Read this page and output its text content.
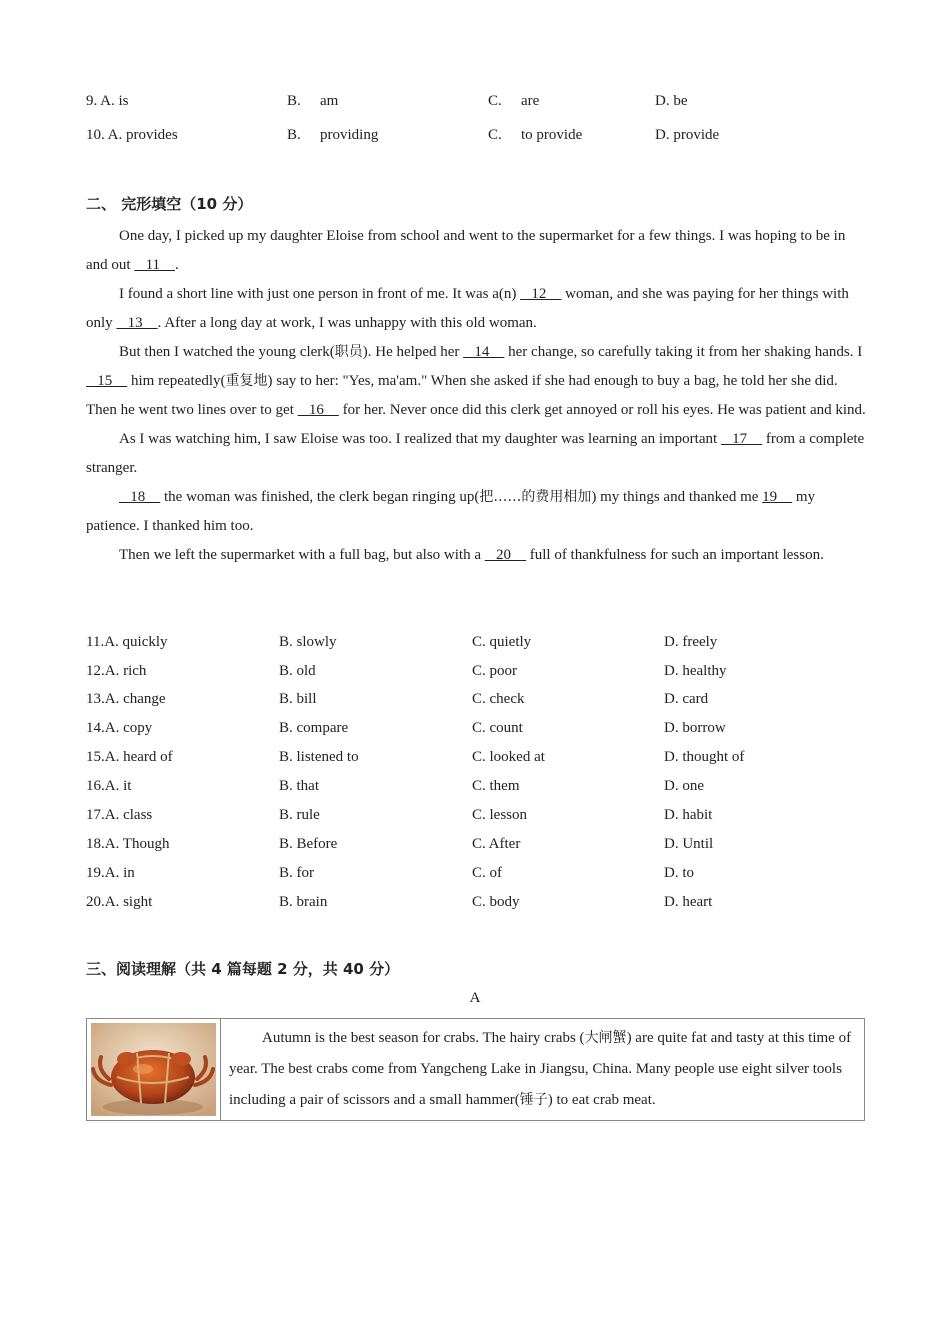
9. A. is	B. am	C. are	D. be
10. A. provides	B. providing	C. to provide	D. provide
二、 完形填空（10 分）

One day, I picked up my daughter Eloise from school and went to the supermarket for a few things. I was hoping to be in and out    11    .

I found a short line with just one person in front of me. It was a(n)    12     woman, and she was paying for her things with only    13    . After a long day at work, I was unhappy with this old woman.

But then I watched the young clerk(职员). He helped her    14     her change, so carefully taking it from her shaking hands. I    15     him repeatedly(重复地) say to her: "Yes, ma'am." When she asked if she had enough to buy a bag, he told her she did. Then he went two lines over to get    16     for her. Never once did this clerk get annoyed or roll his eyes. He was patient and kind.

As I was watching him, I saw Eloise was too. I realized that my daughter was learning an important    17     from a complete stranger.

18     the woman was finished, the clerk began ringing up(把……的费用相加) my things and thanked me 19     my patience. I thanked him too.

Then we left the supermarket with a full bag, but also with a    20     full of thankfulness for such an important lesson.

11.A. quickly	B. slowly	C. quietly	D. freely
12.A. rich	B. old	C. poor	D. healthy
13.A. change	B. bill	C. check	D. card
14.A. copy	B. compare	C. count	D. borrow
15.A. heard of	B. listened to	C. looked at	D. thought of
16.A. it	B. that	C. them	D. one
17.A. class	B. rule	C. lesson	D. habit
18.A. Though	B. Before	C. After	D. Until
19.A. in	B. for	C. of	D. to
20.A. sight	B. brain	C. body	D. heart
三、阅读理解（共 4 篇每题 2 分，共 40 分）
A
Autumn is the best season for crabs. The hairy crabs (大闸蟹) are quite fat and tasty at this time of year. The best crabs come from Yangcheng Lake in Jiangsu, China. Many people use eight silver tools including a pair of scissors and a small hammer(锤子) to eat crab meat.
